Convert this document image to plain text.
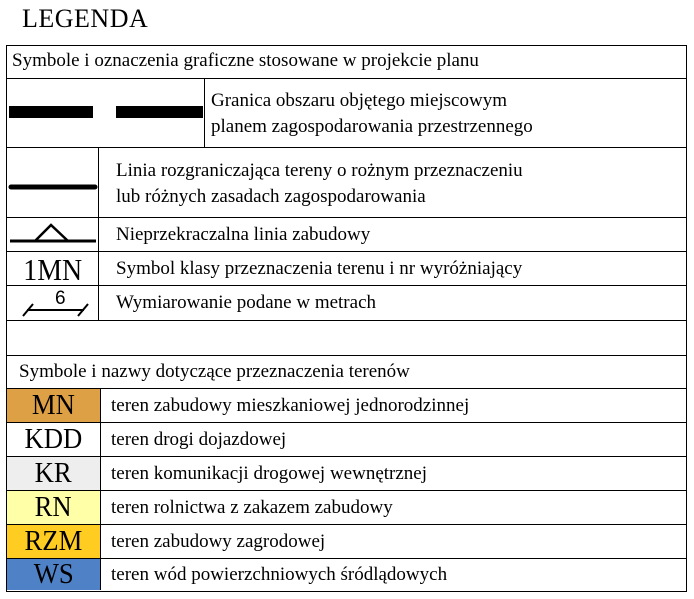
LEGENDA
Symbole i oznaczenia graficzne stosowane w projekcie planu
Granica obszaru objętego miejscowym
planem zagospodarowania przestrzennego
Linia rozgraniczająca tereny o rożnym przeznaczeniu
lub różnych zasadach zagospodarowania
Nieprzekraczalna linia zabudowy
1MN Symbol klasy przeznaczenia terenu i nr wyróżniający
6	Wymiarowanie podane w metrach
Symbole i nazwy dotyczące przeznaczenia terenów
MN teren zabudowy mieszkaniowej jednorodzinnej
KDD teren drogi dojazdowej
KR teren komunikacji drogowej wewnętrznej
RN teren rolnictwa z zakazem zabudowy
RZM teren zabudowy zagrodowej
WS teren wód powierzchniowych śródlądowych
